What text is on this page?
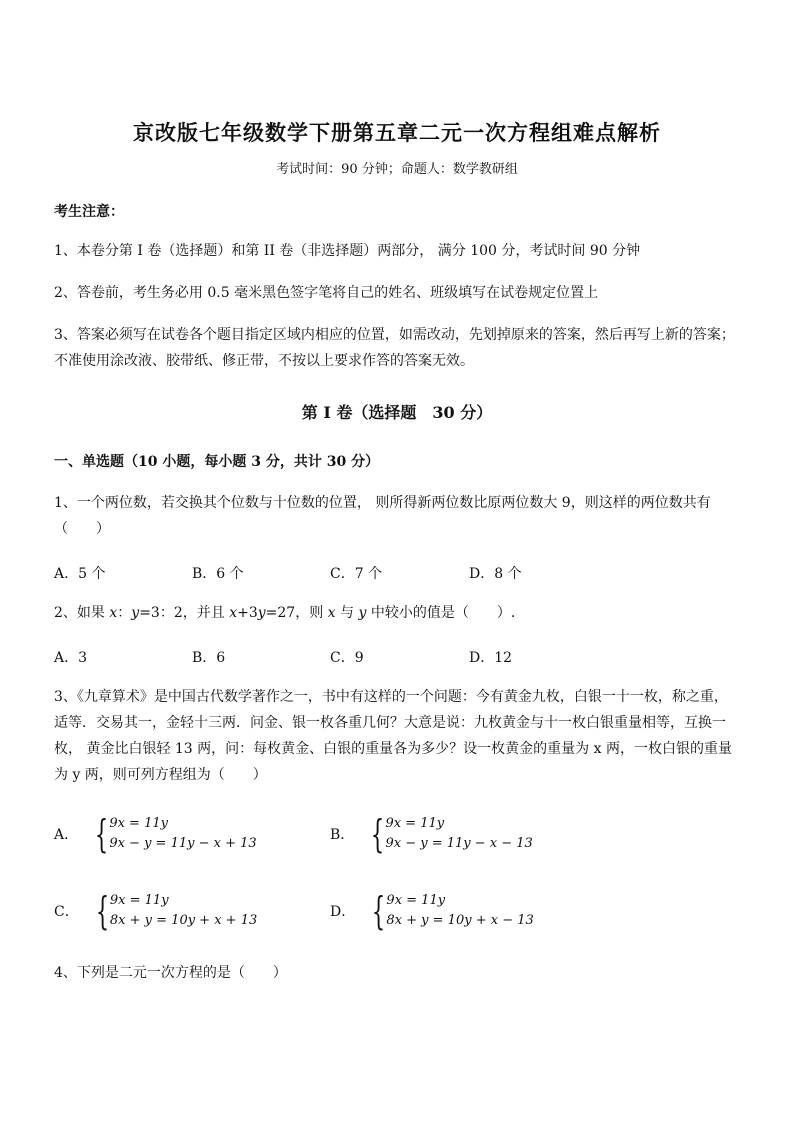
京改版七年级数学下册第五章二元一次方程组难点解析
考试时间：90 分钟；命题人：数学教研组
考生注意：
1、本卷分第 I 卷（选择题）和第 II 卷（非选择题）两部分， 满分 100 分，考试时间 90 分钟
2、答卷前，考生务必用 0.5 毫米黑色签字笔将自己的姓名、班级填写在试卷规定位置上
3、答案必须写在试卷各个题目指定区域内相应的位置，如需改动，先划掉原来的答案，然后再写上新的答案；不准使用涂改液、胶带纸、修正带，不按以上要求作答的答案无效。
第 I 卷（选择题　30 分）
一、单选题（10 小题，每小题 3 分，共计 30 分）
1、一个两位数，若交换其个位数与十位数的位置， 则所得新两位数比原两位数大 9，则这样的两位数共有（　　）
A．5 个	B．6 个	C．7 个	D．8 个
2、如果 x：y=3：2，并且 x+3y=27，则 x 与 y 中较小的值是（　　）.
A．3	B．6	C．9	D．12
3、《九章算术》是中国古代数学著作之一，书中有这样的一个问题：今有黄金九枚，白银一十一枚，称之重，适等．交易其一，金轻十三两．问金、银一枚各重几何？大意是说：九枚黄金与十一枚白银重量相等，互换一枚， 黄金比白银轻 13 两，问：每枚黄金、白银的重量各为多少？设一枚黄金的重量为 x 两，一枚白银的重量为 y 两，则可列方程组为（　　）
A． { 9x = 11y
9x − y = 11y − x + 13
B． { 9x = 11y
9x − y = 11y − x − 13
C． { 9x = 11y
8x + y = 10y + x + 13
D． { 9x = 11y
8x + y = 10y + x − 13
4、下列是二元一次方程的是（　　）
